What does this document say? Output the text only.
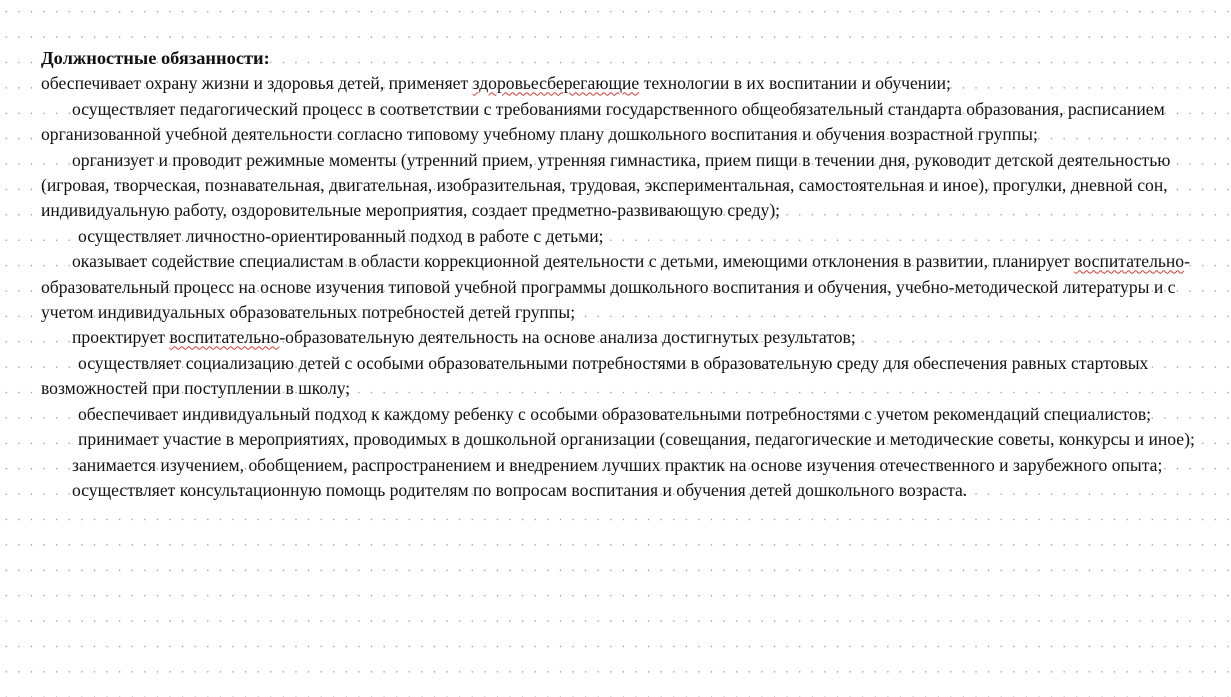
Должностные обязанности:

обеспечивает охрану жизни и здоровья детей, применяет здоровьесберегающие технологии в их воспитании и обучении;

осуществляет педагогический процесс в соответствии с требованиями государственного общеобязательный стандарта образования, расписанием организованной учебной деятельности согласно типовому учебному плану дошкольного воспитания и обучения возрастной группы;

организует и проводит режимные моменты (утренний прием, утренняя гимнастика, прием пищи в течении дня, руководит детской деятельностью (игровая, творческая, познавательная, двигательная, изобразительная, трудовая, экспериментальная, самостоятельная и иное), прогулки, дневной сон, индивидуальную работу, оздоровительные мероприятия, создает предметно-развивающую среду);

осуществляет личностно-ориентированный подход в работе с детьми;

оказывает содействие специалистам в области коррекционной деятельности с детьми, имеющими отклонения в развитии, планирует воспитательно-образовательный процесс на основе изучения типовой учебной программы дошкольного воспитания и обучения, учебно-методической литературы и с учетом индивидуальных образовательных потребностей детей группы;

проектирует воспитательно-образовательную деятельность на основе анализа достигнутых результатов;

осуществляет социализацию детей с особыми образовательными потребностями в образовательную среду для обеспечения равных стартовых возможностей при поступлении в школу;

обеспечивает индивидуальный подход к каждому ребенку с особыми образовательными потребностями с учетом рекомендаций специалистов;

принимает участие в мероприятиях, проводимых в дошкольной организации (совещания, педагогические и методические советы, конкурсы и иное);

занимается изучением, обобщением, распространением и внедрением лучших практик на основе изучения отечественного и зарубежного опыта;

осуществляет консультационную помощь родителям по вопросам воспитания и обучения детей дошкольного возраста.
